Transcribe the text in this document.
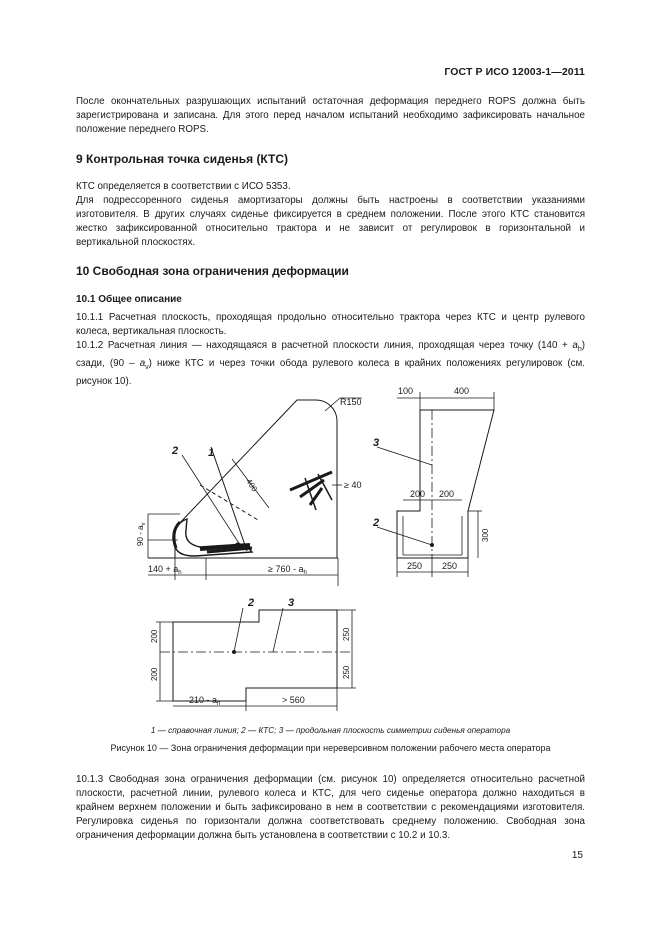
ГОСТ Р ИСО 12003-1—2011
После окончательных разрушающих испытаний остаточная деформация переднего ROPS должна быть зарегистрирована и записана. Для этого перед началом испытаний необходимо зафиксировать начальное положение переднего ROPS.
9 Контрольная точка сиденья (КТС)
КТС определяется в соответствии с ИСО 5353.
Для подрессоренного сиденья амортизаторы должны быть настроены в соответствии указаниями изготовителя. В других случаях сиденье фиксируется в среднем положении. После этого КТС становится жестко зафиксированной относительно трактора и не зависит от регулировок в горизонтальной и вертикальной плоскостях.
10 Свободная зона ограничения деформации
10.1 Общее описание
10.1.1 Расчетная плоскость, проходящая продольно относительно трактора через КТС и центр рулевого колеса, вертикальная плоскость.
10.1.2 Расчетная линия — находящаяся в расчетной плоскости линия, проходящая через точку $(140 + a_h)$ сзади, $(90 - a_v)$ ниже КТС и через точки обода рулевого колеса в крайних положениях регулировок (см. рисунок 10).
R150
400	≥ 40
$90 - a_v$
$140 + a_h$	≥ $760 - a_h$
1
2
100	400
200 200
300
250 250
3
2
200
200
250
250
$210 - a_h$	> 560
2	3
1 — справочная линия; 2 — КТС; 3 — продольная плоскость симметрии сиденья оператора
Рисунок 10 — Зона ограничения деформации при нереверсивном положении рабочего места оператора
10.1.3 Свободная зона ограничения деформации (см. рисунок 10) определяется относительно расчетной плоскости, расчетной линии, рулевого колеса и КТС, для чего сиденье оператора должно находиться в крайнем верхнем положении и быть зафиксировано в нем в соответствии с рекомендациями изготовителя. Регулировка сиденья по горизонтали должна соответствовать среднему положению. Свободная зона ограничения деформации должна быть установлена в соответствии с 10.2 и 10.3.
15
